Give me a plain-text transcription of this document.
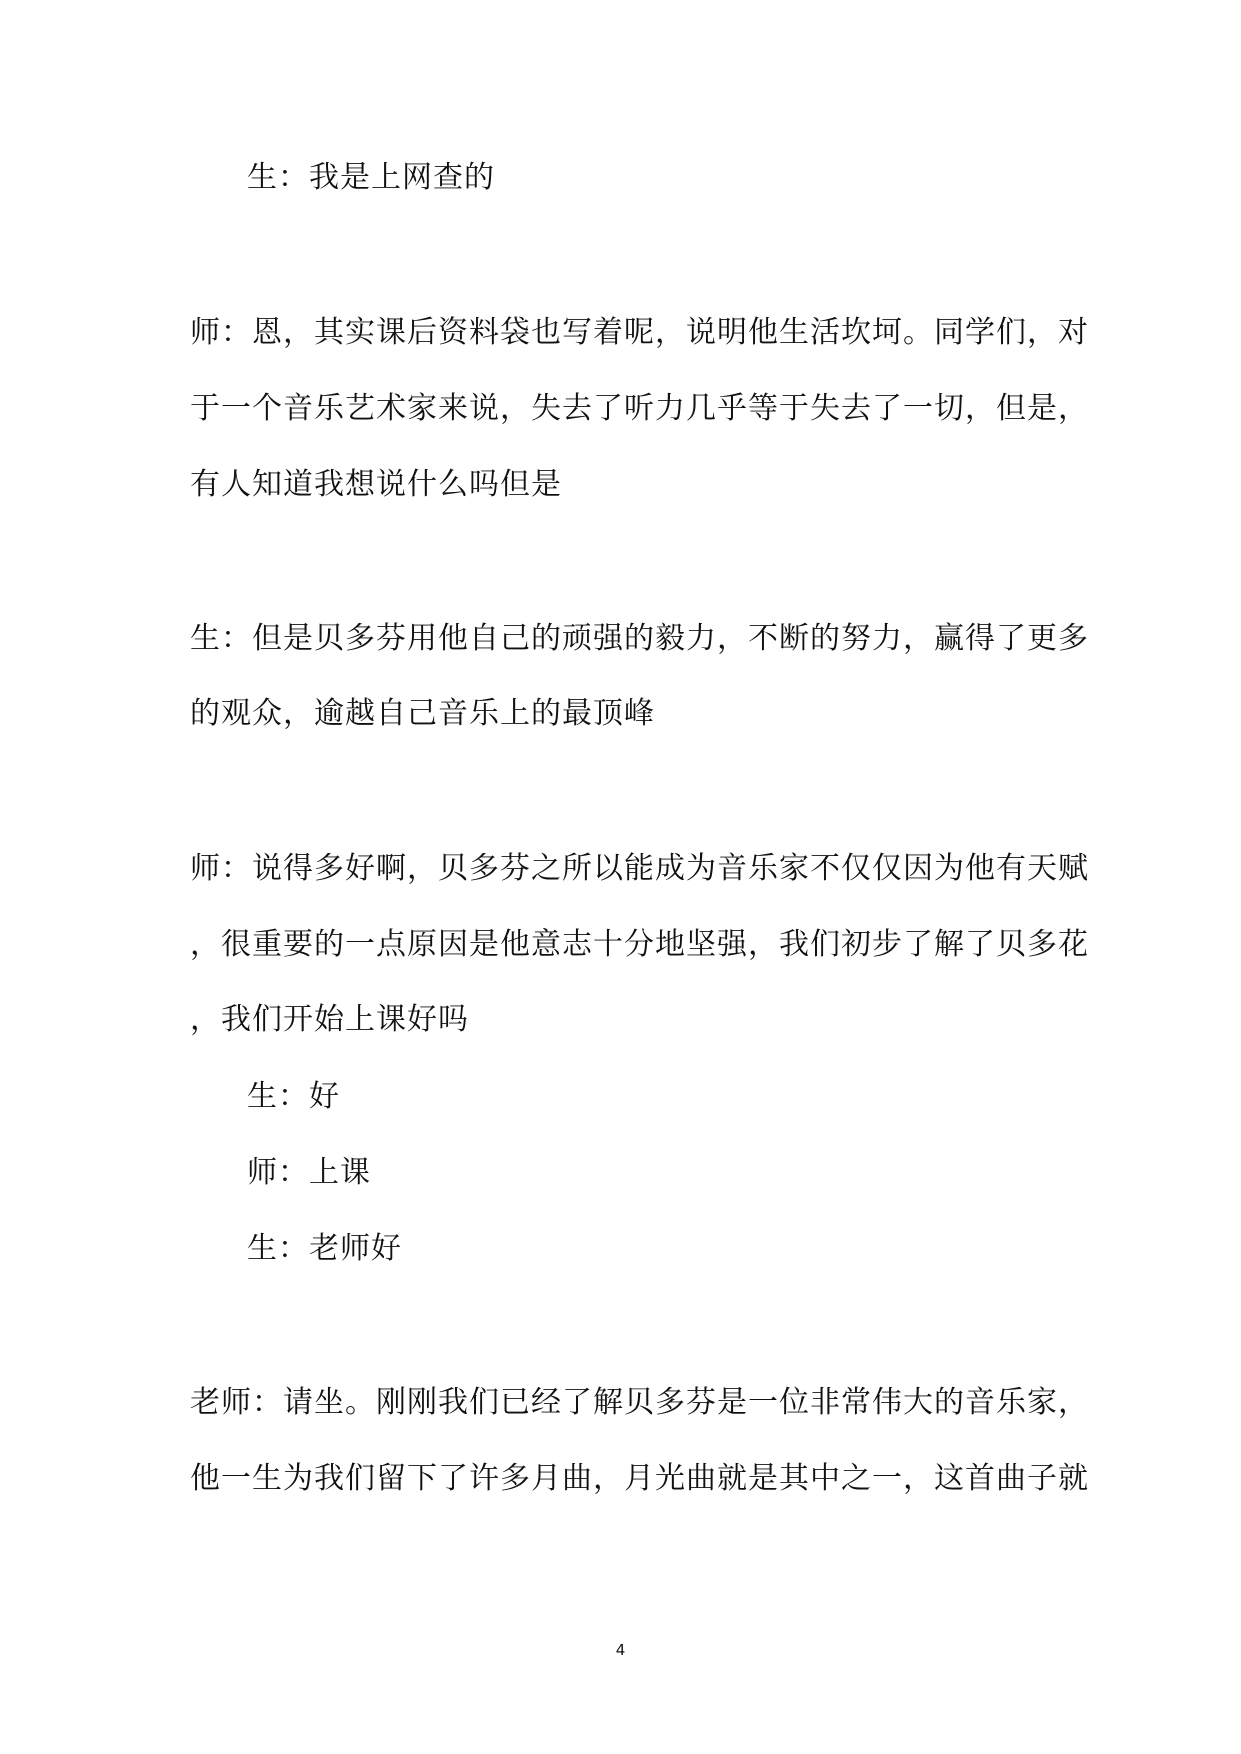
生：我是上网查的
师：恩，其实课后资料袋也写着呢，说明他生活坎坷。同学们，对
于一个音乐艺术家来说，失去了听力几乎等于失去了一切，但是，
有人知道我想说什么吗但是
生：但是贝多芬用他自己的顽强的毅力，不断的努力，赢得了更多
的观众，逾越自己音乐上的最顶峰
师：说得多好啊，贝多芬之所以能成为音乐家不仅仅因为他有天赋
，很重要的一点原因是他意志十分地坚强，我们初步了解了贝多花
，我们开始上课好吗
生：好
师：上课
生：老师好
老师：请坐。刚刚我们已经了解贝多芬是一位非常伟大的音乐家，
他一生为我们留下了许多月曲，月光曲就是其中之一，这首曲子就
4
